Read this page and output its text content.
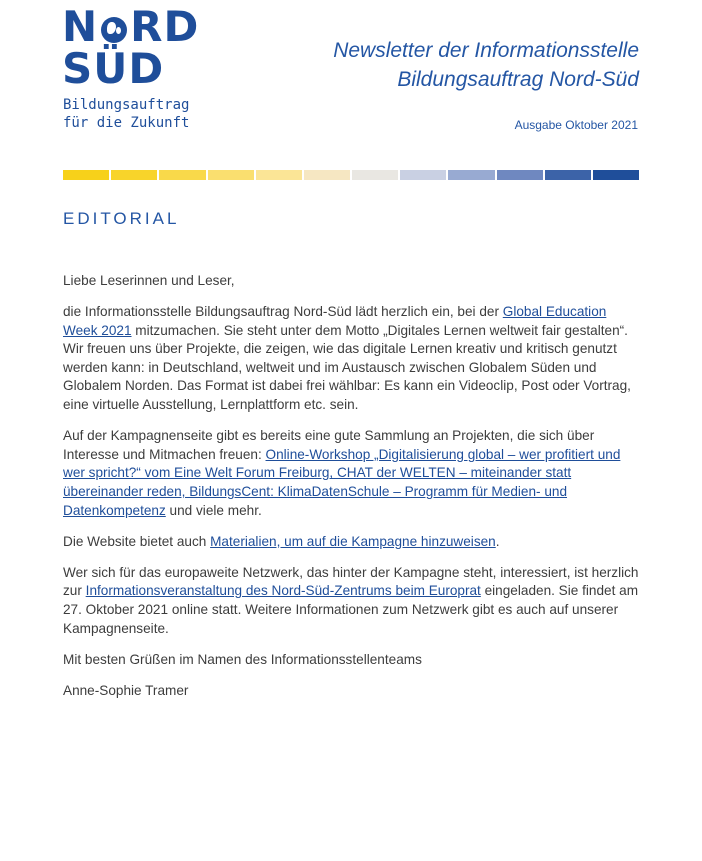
N RD
SÜD
Bildungsauftrag
für die Zukunft
Newsletter der Informationsstelle
Bildungsauftrag Nord-Süd
Ausgabe Oktober 2021
EDITORIAL

Liebe Leserinnen und Leser,

die Informationsstelle Bildungsauftrag Nord-Süd lädt herzlich ein, bei der Global Education Week 2021 mitzumachen. Sie steht unter dem Motto „Digitales Lernen weltweit fair gestalten“. Wir freuen uns über Projekte, die zeigen, wie das digitale Lernen kreativ und kritisch genutzt werden kann: in Deutschland, weltweit und im Austausch zwischen Globalem Süden und Globalem Norden. Das Format ist dabei frei wählbar: Es kann ein Videoclip, Post oder Vortrag, eine virtuelle Ausstellung, Lernplattform etc. sein.

Auf der Kampagnenseite gibt es bereits eine gute Sammlung an Projekten, die sich über Interesse und Mitmachen freuen: Online-Workshop „Digitalisierung global – wer profitiert und wer spricht?“ vom Eine Welt Forum Freiburg, CHAT der WELTEN – miteinander statt übereinander reden, BildungsCent: KlimaDatenSchule – Programm für Medien- und Datenkompetenz und viele mehr.

Die Website bietet auch Materialien, um auf die Kampagne hinzuweisen.

Wer sich für das europaweite Netzwerk, das hinter der Kampagne steht, interessiert, ist herzlich zur Informationsveranstaltung des Nord-Süd-Zentrums beim Europrat eingeladen. Sie findet am 27. Oktober 2021 online statt. Weitere Informationen zum Netzwerk gibt es auch auf unserer Kampagnenseite.

Mit besten Grüßen im Namen des Informationsstellenteams

Anne-Sophie Tramer
